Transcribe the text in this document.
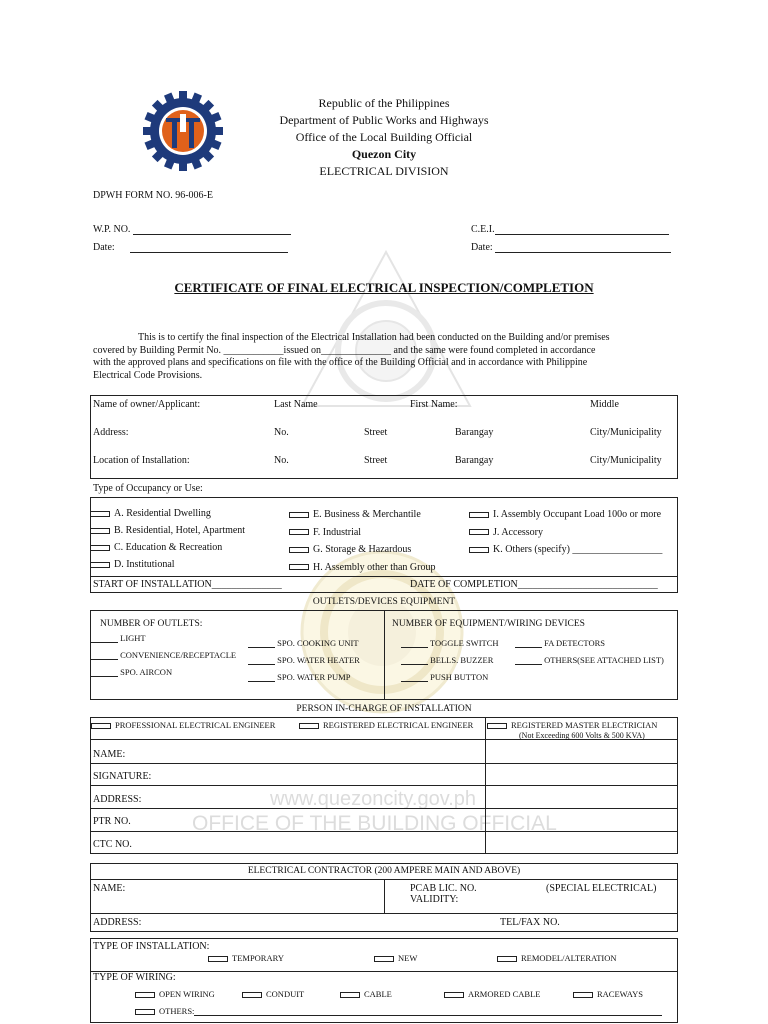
www.quezoncity.gov.ph
OFFICE OF THE BUILDING OFFICIAL
Republic of the Philippines
Department of Public Works and Highways
Office of the Local Building Official
Quezon City
ELECTRICAL DIVISION
DPWH FORM NO. 96-006-E
W.P. NO.
Date:
C.E.I.
Date:
CERTIFICATE OF FINAL ELECTRICAL INSPECTION/COMPLETION
This is to certify the final inspection of the Electrical Installation had been conducted on the Building and/or premises
covered by Building Permit No. ____________issued on______________ and the same were found completed in accordance
with the approved plans and specifications on file with the office of the Building Official and in accordance with Philippine
Electrical Code Provisions.
Name of owner/Applicant:	Last Name	First Name:	Middle
Address:	No.	Street	Barangay	City/Municipality
Location of Installation:	No.	Street	Barangay	City/Municipality
Type of Occupancy or Use:
A. Residential Dwelling
B. Residential, Hotel, Apartment
C. Education & Recreation
D. Institutional
E. Business & Merchantile
F. Industrial
G. Storage & Hazardous
H. Assembly other than Group
I. Assembly Occupant Load 100o or more
J. Accessory
K. Others (specify) __________________
START OF INSTALLATION______________	DATE OF COMPLETION____________________________
OUTLETS/DEVICES EQUIPMENT
NUMBER OF OUTLETS:
LIGHT
CONVENIENCE/RECEPTACLE
SPO. AIRCON
SPO. COOKING UNIT
SPO. WATER HEATER
SPO. WATER PUMP
NUMBER OF EQUIPMENT/WIRING DEVICES
TOGGLE SWITCH
BELLS. BUZZER
PUSH BUTTON
FA DETECTORS
OTHERS(SEE ATTACHED LIST)
PERSON IN-CHARGE OF INSTALLATION
PROFESSIONAL ELECTRICAL ENGINEER	REGISTERED ELECTRICAL ENGINEER	REGISTERED MASTER ELECTRICIAN
(Not Exceeding 600 Volts & 500 KVA)
NAME:
SIGNATURE:
ADDRESS:
PTR NO.
CTC NO.
ELECTRICAL CONTRACTOR (200 AMPERE MAIN AND ABOVE)
NAME:	PCAB LIC. NO.	(SPECIAL ELECTRICAL)
VALIDITY:
ADDRESS:	TEL/FAX NO.
TYPE OF INSTALLATION:
TEMPORARY	NEW	REMODEL/ALTERATION
TYPE OF WIRING:
OPEN WIRING	CONDUIT	CABLE	ARMORED CABLE	RACEWAYS
OTHERS:
